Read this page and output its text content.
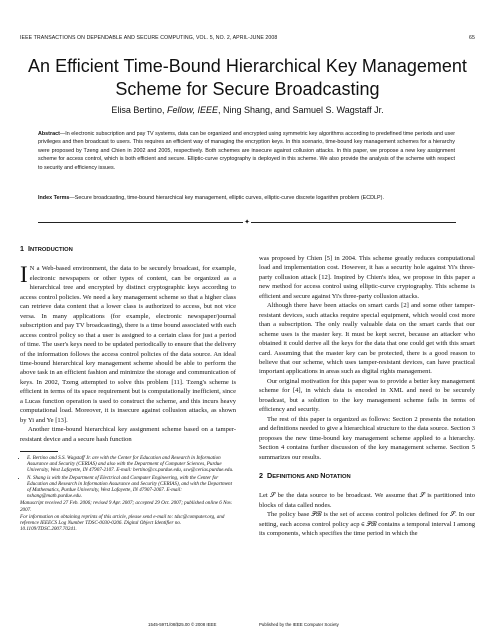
IEEE TRANSACTIONS ON DEPENDABLE AND SECURE COMPUTING, VOL. 5, NO. 2, APRIL-JUNE 2008	65
An Efficient Time-Bound Hierarchical Key Management Scheme for Secure Broadcasting
Elisa Bertino, Fellow, IEEE, Ning Shang, and Samuel S. Wagstaff Jr.
Abstract—In electronic subscription and pay TV systems, data can be organized and encrypted using symmetric key algorithms according to predefined time periods and user privileges and then broadcast to users. This requires an efficient way of managing the encryption keys. In this scenario, time-bound key management schemes for a hierarchy were proposed by Tzeng and Chien in 2002 and 2005, respectively. Both schemes are insecure against collusion attacks. In this paper, we propose a new key assignment scheme for access control, which is both efficient and secure. Elliptic-curve cryptography is deployed in this scheme. We also provide the analysis of the scheme with respect to security and efficiency issues.
Index Terms—Secure broadcasting, time-bound hierarchical key management, elliptic curves, elliptic-curve discrete logarithm problem (ECDLP).
✦
1 INTRODUCTION

I N a Web-based environment, the data to be securely broadcast, for example, electronic newspapers or other types of content, can be organized as a hierarchical tree and encrypted by distinct cryptographic keys according to access control policies. We need a key management scheme so that a higher class can retrieve data content that a lower class is authorized to access, but not vice versa. In many applications (for example, electronic newspaper/journal subscription and pay TV broadcasting), there is a time bound associated with each access control policy so that a user is assigned to a certain class for just a period of time. The user's keys need to be updated periodically to ensure that the delivery of the information follows the access control policies of the data source. An ideal time-bound hierarchical key management scheme should be able to perform the above task in an efficient fashion and minimize the storage and communication of keys. In 2002, Tzeng attempted to solve this problem [11]. Tzeng's scheme is efficient in terms of its space requirement but is computationally inefficient, since a Lucas function operation is used to construct the scheme, and this incurs heavy computational load. Moreover, it is insecure against collusion attacks, as shown by Yi and Ye [13].

Another time-bound hierarchical key assignment scheme based on a tamper-resistant device and a secure hash function

• E. Bertino and S.S. Wagstaff Jr. are with the Center for Education and Research in Information Assurance and Security (CERIAS) and also with the Department of Computer Sciences, Purdue University, West Lafayette, IN 47907-2107. E-mail: bertino@cs.purdue.edu, ssw@cerias.purdue.edu.
• N. Shang is with the Department of Electrical and Computer Engineering, with the Center for Education and Research in Information Assurance and Security (CERIAS), and with the Department of Mathematics, Purdue University, West Lafayette, IN 47907-2067. E-mail: nshang@math.purdue.edu.
Manuscript received 27 Feb. 2006; revised 9 Apr. 2007; accepted 29 Oct. 2007; published online 6 Nov. 2007.
For information on obtaining reprints of this article, please send e-mail to: tdsc@computer.org, and reference IEEECS Log Number TDSC-0030-0206. Digital Object Identifier no. 10.1109/TDSC.2007.70241.

was proposed by Chien [5] in 2004. This scheme greatly reduces computational load and implementation cost. However, it has a security hole against Yi's three-party collusion attack [12]. Inspired by Chien's idea, we propose in this paper a new method for access control using elliptic-curve cryptography. This scheme is efficient and secure against Yi's three-party collusion attacks.

Although there have been attacks on smart cards [2] and some other tamper-resistant devices, such attacks require special equipment, which would cost more than a subscription. The only really valuable data on the smart cards that our scheme uses is the master key. It must be kept secret, because an attacker who obtained it could derive all the keys for the data that one could get with this smart card. Assuming that the master key can be protected, there is a good reason to believe that our scheme, which uses tamper-resistant devices, can have practical important applications in areas such as digital rights management.

Our original motivation for this paper was to provide a better key management scheme for [4], in which data is encoded in XML and need to be securely broadcast, but a solution to the key management scheme fails in terms of efficiency and security.

The rest of this paper is organized as follows: Section 2 presents the notation and definitions needed to give a hierarchical structure to the data source. Section 3 proposes the new time-bound key management scheme applied to a hierarchy. Section 4 contains further discussion of the key management scheme. Section 5 summarizes our results.

2 DEFINITIONS AND NOTATION

Let 𝒮 be the data source to be broadcast. We assume that 𝒮 is partitioned into blocks of data called nodes.

The policy base 𝒫ℬ is the set of access control policies defined for 𝒮. In our setting, each access control policy acp ∈ 𝒫ℬ contains a temporal interval I among its components, which specifies the time period in which the

1545-5971/08/$25.00 © 2008 IEEE	Published by the IEEE Computer Society
